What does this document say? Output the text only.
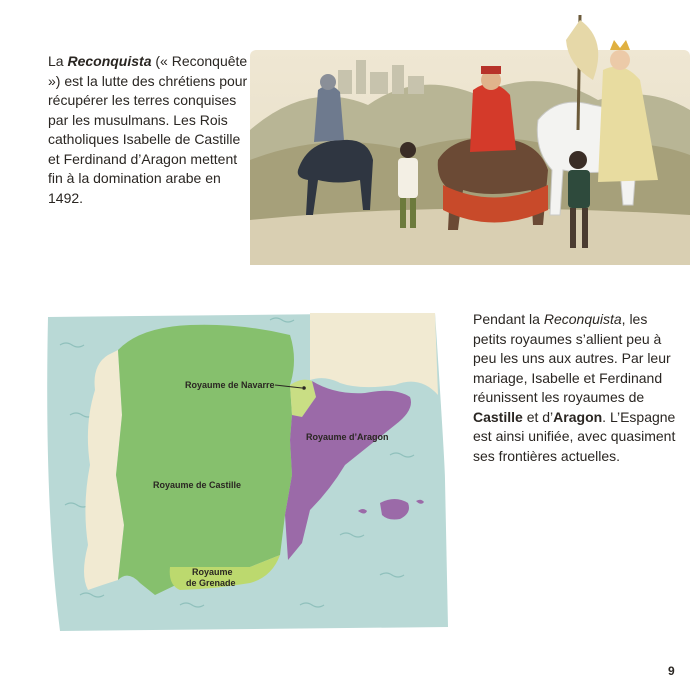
La Reconquista (« Reconquête ») est la lutte des chrétiens pour récupérer les terres conquises par les musulmans. Les Rois catholiques Isabelle de Castille et Ferdinand d’Aragon mettent fin à la domination arabe en 1492.

Royaume de Navarre
Royaume d’Aragon
Royaume de Castille
Royaume
de Grenade

Pendant la Reconquista, les petits royaumes s’allient peu à peu les uns aux autres. Par leur mariage, Isabelle et Ferdinand réunissent les royaumes de Castille et d’Aragon. L’Espagne est ainsi unifiée, avec quasiment ses frontières actuelles.

9
